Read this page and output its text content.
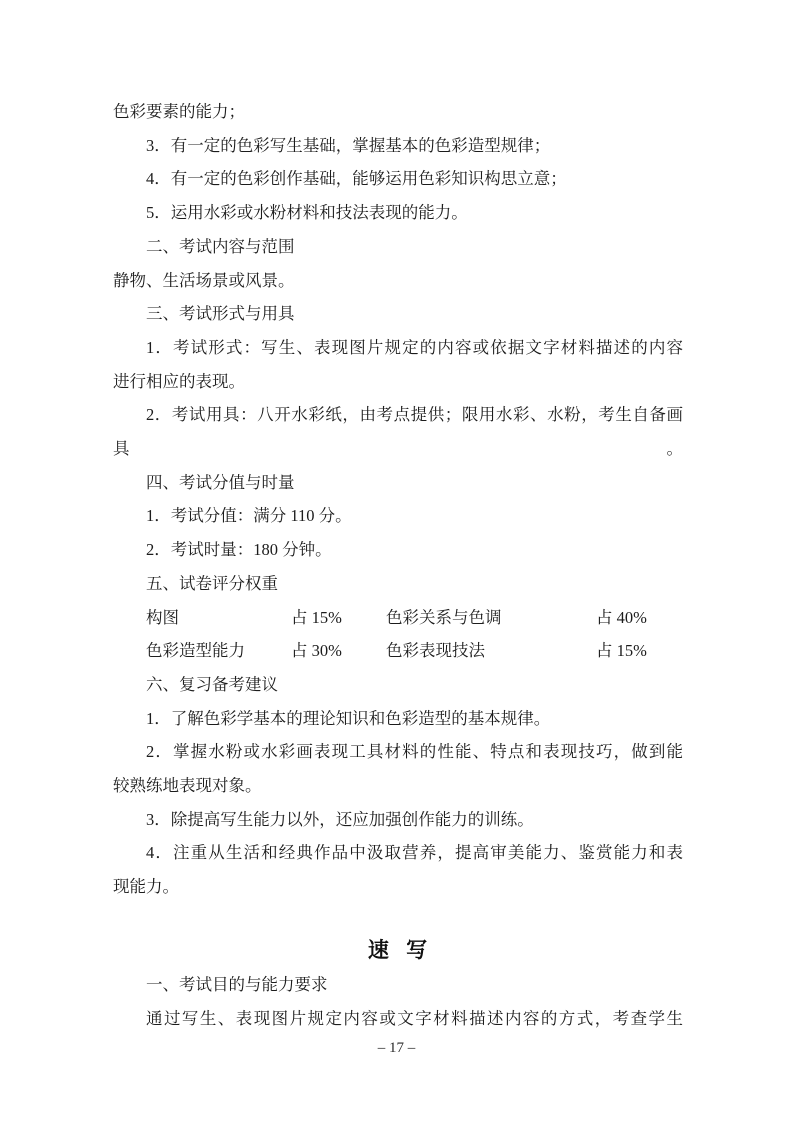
色彩要素的能力；

3．有一定的色彩写生基础，掌握基本的色彩造型规律；

4．有一定的色彩创作基础，能够运用色彩知识构思立意；

5．运用水彩或水粉材料和技法表现的能力。

二、考试内容与范围

静物、生活场景或风景。

三、考试形式与用具

1．考试形式：写生、表现图片规定的内容或依据文字材料描述的内容

进行相应的表现。

2．考试用具：八开水彩纸，由考点提供；限用水彩、水粉，考生自备画具。

四、考试分值与时量

1．考试分值：满分 110 分。

2．考试时量：180 分钟。

五、试卷评分权重

构图	占 15%	色彩关系与色调	占 40%
色彩造型能力	占 30%	色彩表现技法	占 15%

六、复习备考建议

1．了解色彩学基本的理论知识和色彩造型的基本规律。

2．掌握水粉或水彩画表现工具材料的性能、特点和表现技巧，做到能

较熟练地表现对象。

3．除提高写生能力以外，还应加强创作能力的训练。

4．注重从生活和经典作品中汲取营养，提高审美能力、鉴赏能力和表

现能力。

速 写

一、考试目的与能力要求

通过写生、表现图片规定内容或文字材料描述内容的方式，考查学生

– 17 –
